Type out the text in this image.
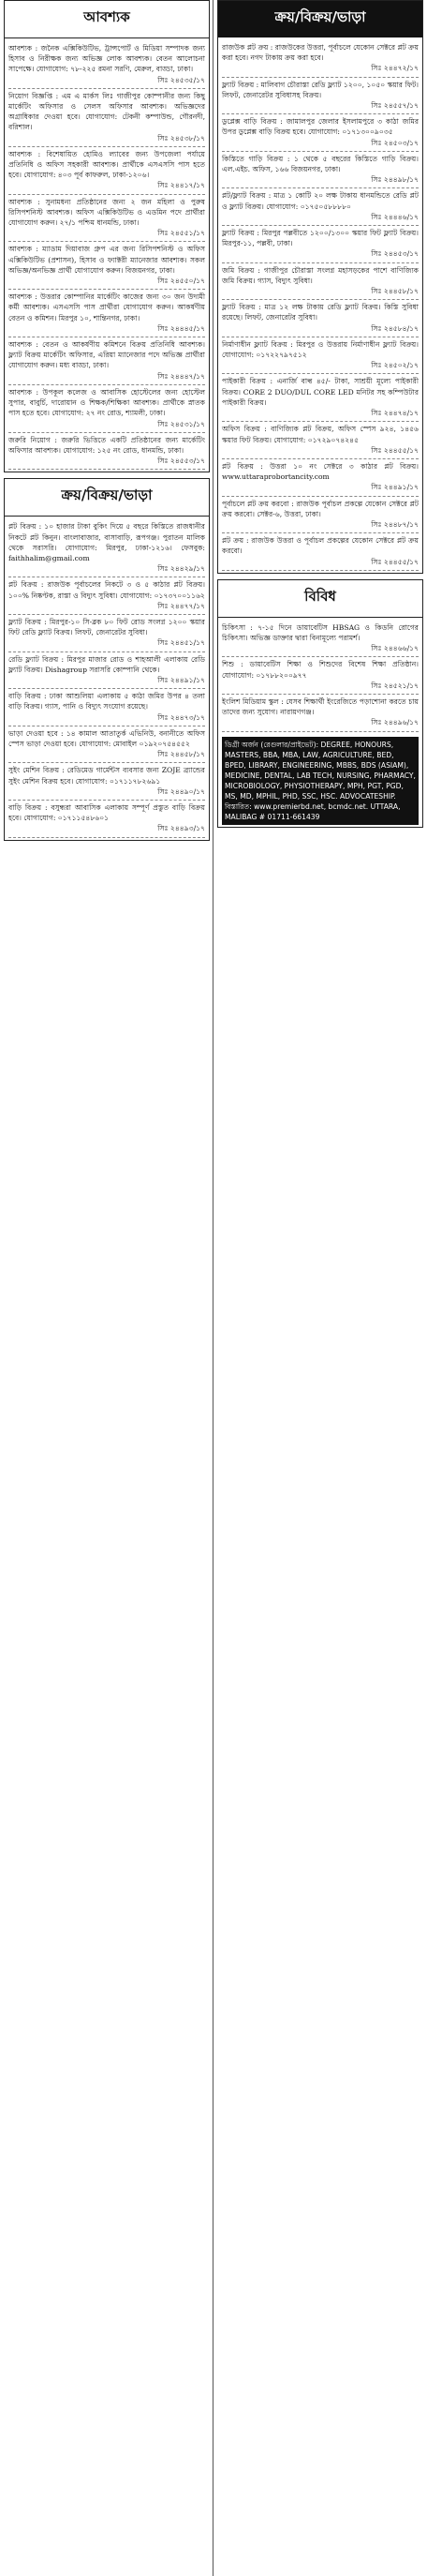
আবশ্যক
আবশ্যক : জনৈক এক্সিকিউটিভ, ট্রান্সপোর্ট ও মিডিয়া সম্পাদক জন্য হিসাব ও নিরীক্ষক জন্য অভিজ্ঞ লোক আবশ্যক। বেতন আলোচনা সাপেক্ষে। যোগাযোগ: ৭৮-২২৫ রমনা সরণি, মেরুল, বাড্ডা, ঢাকা।
সিঃ ২৪৫৩৫/১৭
নিয়োগ বিজ্ঞপ্তি : এম এ মার্কস লিঃ গাজীপুর কোম্পানীর জন্য কিছু মার্কেটিং অফিসার ও সেলস অফিসার আবশ্যক। অভিজ্ঞদের অগ্রাধিকার দেওয়া হবে। যোগাযোগ: টেকনী কম্পাউন্ড, গৌরনদী, বরিশাল।
সিঃ ২৪৫৩৮/১৭
আবশ্যক : বিশেষায়িত হোমিও ল্যাবের জন্য উপজেলা পর্যায়ে প্রতিনিধি ও অফিস সহকারী আবশ্যক। প্রার্থীকে এসএসসি পাস হতে হবে। যোগাযোগ: ৪০৩ পূর্ব কাফরুল, ঢাকা-১২০৬।
সিঃ ২৪৪১৭/১৭
আবশ্যক : সুনামধন্য প্রতিষ্ঠানের জন্য ২ জন মহিলা ও পুরুষ রিসিপশনিস্ট আবশ্যক। অফিস এক্সিকিউটিভ ও এডমিন পদে প্রার্থীরা যোগাযোগ করুন। ২৭/১ পশ্চিম ধানমন্ডি, ঢাকা।
সিঃ ২৪৫৫১/১৭
আবশ্যক : ম্যাডাম দিয়াবাজ গ্রুপ এর জন্য রিসিপশনিস্ট ও অফিস এক্সিকিউটিভ (প্রশাসন), হিসাব ও ফ্যাক্টরী ম্যানেজার আবশ্যক। সকল অভিজ্ঞ/অনভিজ্ঞ প্রার্থী যোগাযোগ করুন। বিজয়নগর, ঢাকা।
সিঃ ২৪৫৫০/১৭
আবশ্যক : উত্তরার কোম্পানির মার্কেটিং কাজের জন্য ৩০ জন উদ্যমী কর্মী আবশ্যক। এসএসসি পাস প্রার্থীরা যোগাযোগ করুন। আকর্ষণীয় বেতন ও কমিশন। মিরপুর ১০, শান্তিনগর, ঢাকা।
সিঃ ২৪৪৪৫/১৭
আবশ্যক : বেতন ও আকর্ষণীয় কমিশনে বিক্রয় প্রতিনিধি আবশ্যক। ফ্ল্যাট বিক্রয় মার্কেটিং অফিসার, এরিয়া ম্যানেজার পদে অভিজ্ঞ প্রার্থীরা যোগাযোগ করুন। মধ্য বাড্ডা, ঢাকা।
সিঃ ২৪৪৪৭/১৭
আবশ্যক : উপকূল কলেজ ও আবাসিক হোস্টেলের জন্য হোস্টেল সুপার, বাবুর্চি, দারোয়ান ও শিক্ষক/শিক্ষিকা আবশ্যক। প্রার্থীকে স্নাতক পাস হতে হবে। যোগাযোগ: ২৭ নং রোড, শ্যামলী, ঢাকা।
সিঃ ২৪৫৩১/১৭
জরুরি নিয়োগ : জরুরি ভিত্তিতে একটি প্রতিষ্ঠানের জন্য মার্কেটিং অফিসার আবশ্যক। যোগাযোগ: ১২৫ নং রোড, ধানমন্ডি, ঢাকা।
সিঃ ২৪৫৫৩/১৭
ক্রয়/বিক্রয়/ভাড়া
প্লট বিক্রয় : ১০ হাজার টাকা বুকিং দিয়ে ৫ বছরে কিস্তিতে রাজধানীর নিকটে প্লট কিনুন। বাংলাবাজার, বাসাবাড়ি, রূপগঞ্জ। পুরাতন মালিক থেকে সরাসরি। যোগাযোগ: মিরপুর, ঢাকা-১২১৬। ফেসবুক: faithhalim@gmail.com
সিঃ ২৪৪২৯/১৭
প্লট বিক্রয় : রাজউক পূর্বাচলের নিকটে ৩ ও ৫ কাঠার প্লট বিক্রয়। ১০০% নিষ্কণ্টক, রাস্তা ও বিদ্যুৎ সুবিধা। যোগাযোগ: ০১৭৩৭০০১১৬২
সিঃ ২৪৪৭৭/১৭
ফ্ল্যাট বিক্রয় : মিরপুর-১০ সি-ব্লক ৮০ ফিট রোড সংলগ্ন ১২০০ স্কয়ার ফিট রেডি ফ্ল্যাট বিক্রয়। লিফট, জেনারেটর সুবিধা।
সিঃ ২৪৪৫১/১৭
রেডি ফ্ল্যাট বিক্রয় : মিরপুর মাজার রোড ও শাহআলী এলাকায় রেডি ফ্ল্যাট বিক্রয়। Dishagroup সরাসরি কোম্পানি থেকে।
সিঃ ২৪৪৯১/১৭
বাড়ি বিক্রয় : ঢাকা আশুলিয়া এলাকায় ৫ কাঠা জমির উপর ৪ তলা বাড়ি বিক্রয়। গ্যাস, পানি ও বিদ্যুৎ সংযোগ রয়েছে।
সিঃ ২৪৪৭৩/১৭
ভাড়া দেওয়া হবে : ১৪ কামাল আতাতুর্ক এভিনিউ, বনানীতে অফিস স্পেস ভাড়া দেওয়া হবে। যোগাযোগ: মোবাইল ০১৯২০৭৫৪৫৫২
সিঃ ২৪৪৫৮/১৭
সুইং মেশিন বিক্রয় : রেডিমেড গার্মেন্টস ব্যবসার জন্য ZOJE ব্র্যান্ডের সুইং মেশিন বিক্রয় হবে। যোগাযোগ: ০১৭১১৭৮২৬৯১
সিঃ ২৪৪৯০/১৭
বাড়ি বিক্রয় : বসুন্ধরা আবাসিক এলাকায় সম্পূর্ণ প্রস্তুত বাড়ি বিক্রয় হবে। যোগাযোগ: ০১৭১১৫৪৮৬০১
সিঃ ২৪৪৯৩/১৭
ক্রয়/বিক্রয়/ভাড়া
রাজউক প্লট ক্রয় : রাজউকের উত্তরা, পূর্বাচলে যেকোন সেক্টরে প্লট ক্রয় করা হবে। নগদ টাকায় ক্রয় করা হবে।
সিঃ ২৪৪৭২/১৭
ফ্ল্যাট বিক্রয় : মালিবাগ চৌরাস্তা রেডি ফ্ল্যাট ১২০০, ১০৫০ স্কয়ার ফিট। লিফট, জেনারেটর সুবিধাসহ বিক্রয়।
সিঃ ২৪৫৫৭/১৭
ডুপ্লেক্স বাড়ি বিক্রয় : জামালপুর জেলার ইসলামপুরে ৩ কাঠা জমির উপর ডুপ্লেক্স বাড়ি বিক্রয় হবে। যোগাযোগ: ০১৭১৩০০৯০৩৫
সিঃ ২৪৫০৩/১৭
কিস্তিতে গাড়ি বিক্রয় : ১ থেকে ৫ বছরের কিস্তিতে গাড়ি বিক্রয়। এল.এইচ. অফিস, ১৬৬ বিজয়নগর, ঢাকা।
সিঃ ২৪৪৯৮/১৭
প্লট/ফ্ল্যাট বিক্রয় : মাত্র ১ কোটি ২০ লক্ষ টাকায় ধানমন্ডিতে রেডি প্লট ও ফ্ল্যাট বিক্রয়। যোগাযোগ: ০১৭৫০৫৮৮৮৮০
সিঃ ২৪৪৪৬/১৭
ফ্ল্যাট বিক্রয় : মিরপুর পল্লবীতে ১২০০/১৩০০ স্কয়ার ফিট ফ্ল্যাট বিক্রয়। মিরপুর-১১, পল্লবী, ঢাকা।
সিঃ ২৪৪৫৩/১৭
জমি বিক্রয় : গাজীপুর চৌরাস্তা সংলগ্ন মহাসড়কের পাশে বাণিজ্যিক জমি বিক্রয়। গ্যাস, বিদ্যুৎ সুবিধা।
সিঃ ২৪৪৫৮/১৭
ফ্ল্যাট বিক্রয় : মাত্র ১২ লক্ষ টাকায় রেডি ফ্ল্যাট বিক্রয়। কিস্তি সুবিধা রয়েছে। লিফট, জেনারেটর সুবিধা।
সিঃ ২৪৫৮৪/১৭
নির্মাণাধীন ফ্ল্যাট বিক্রয় : মিরপুর ও উত্তরায় নির্মাণাধীন ফ্ল্যাট বিক্রয়। যোগাযোগ: ০১৭২২৭৯৭৫১২
সিঃ ২৪৫০২/১৭
পাইকারী বিক্রয় : এনার্জি বাল্ব ৪৫/- টাকা, সাশ্রয়ী মূল্যে পাইকারী বিক্রয়। CORE 2 DUO/DUL CORE LED মনিটর সহ কম্পিউটার পাইকারী বিক্রয়।
সিঃ ২৪৪৭৪/১৭
অফিস বিক্রয় : বাণিজ্যিক প্লট বিক্রয়, অফিস স্পেস ৯২৪, ১৪৫৬ স্কয়ার ফিট বিক্রয়। যোগাযোগ: ০১৭২৯০৭৪২৪৫
সিঃ ২৪৪৫৫/১৭
প্লট বিক্রয় : উত্তরা ১০ নং সেক্টরে ৩ কাঠার প্লট বিক্রয়। www.uttaraprobortancity.com
সিঃ ২৪৪৯১/১৭
পূর্বাচলে প্লট ক্রয় করবো : রাজউক পূর্বাচল প্রকল্পে যেকোন সেক্টরে প্লট ক্রয় করবো। সেক্টর-৬, উত্তরা, ঢাকা।
সিঃ ২৪৪৮৭/১৭
প্লট ক্রয় : রাজউক উত্তরা ও পূর্বাচল প্রকল্পের যেকোন সেক্টরে প্লট ক্রয় করবো।
সিঃ ২৪৪৫৫/১৭
বিবিধ
চিকিৎসা : ৭-১৫ দিনে ডায়াবেটিস HBSAG ও কিডনি রোগের চিকিৎসা। অভিজ্ঞ ডাক্তার দ্বারা বিনামূল্যে পরামর্শ।
সিঃ ২৪৪৬৬/১৭
শিশু : ডায়াবেটিস শিক্ষা ও শিশুদের বিশেষ শিক্ষা প্রতিষ্ঠান। যোগাযোগ: ০১৭৮৮২০০৯৭৭
সিঃ ২৪৫২১/১৭
ইংলিশ মিডিয়াম স্কুল : যেসব শিক্ষার্থী ইংরেজিতে পড়াশোনা করতে চায় তাদের জন্য সুযোগ। নারায়ণগঞ্জ।
সিঃ ২৪৪৯৬/১৭
ডিগ্রী অর্জন (রেগুলার/প্রাইভেট): DEGREE, HONOURS, MASTERS, BBA, MBA, LAW, AGRICULTURE, BED, BPED, LIBRARY, ENGINEERING, MBBS, BDS (ASIAM), MEDICINE, DENTAL, LAB TECH, NURSING, PHARMACY, MICROBIOLOGY, PHYSIOTHERAPY, MPH, PGT, PGD, MS, MD, MPHIL, PHD, SSC, HSC. ADVOCATESHIP. বিস্তারিত: www.premierbd.net, bcmdc.net. UTTARA, MALIBAG # 01711-661439
